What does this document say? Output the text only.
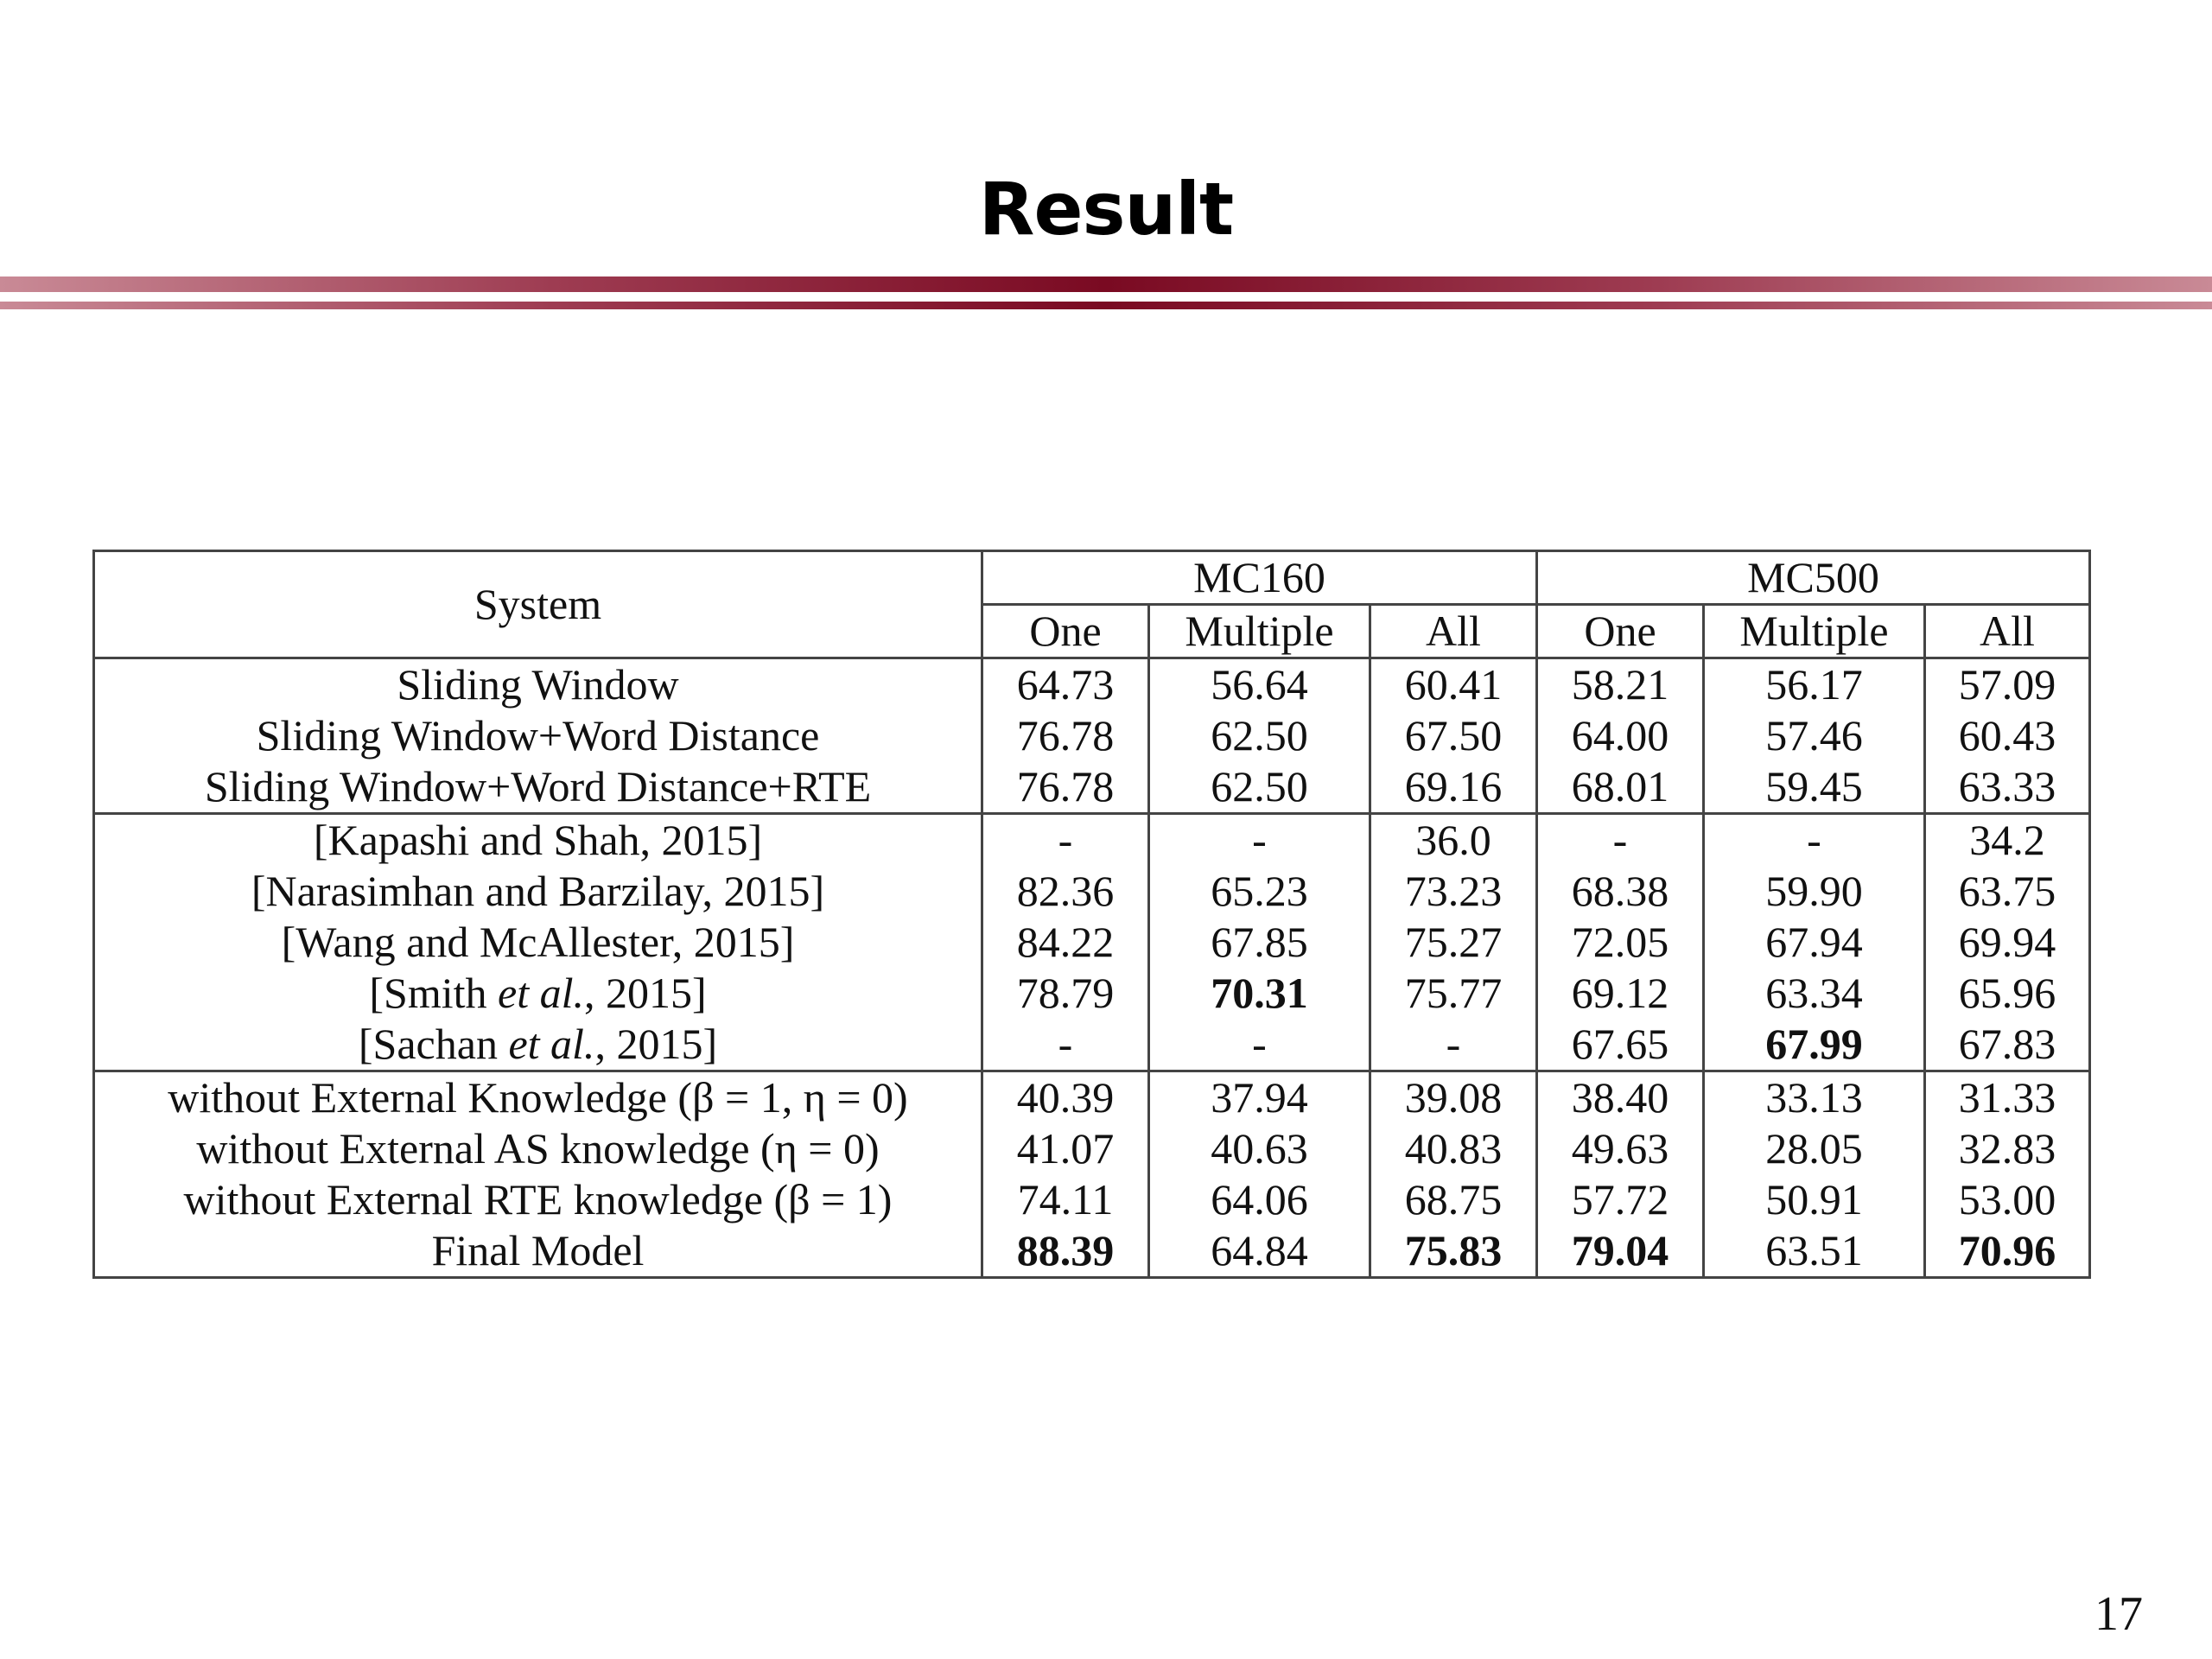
Result
System	MC160			MC500		
	One	Multiple	All	One	Multiple	All
Sliding Window	64.73	56.64	60.41	58.21	56.17	57.09
Sliding Window+Word Distance	76.78	62.50	67.50	64.00	57.46	60.43
Sliding Window+Word Distance+RTE	76.78	62.50	69.16	68.01	59.45	63.33
[Kapashi and Shah, 2015]	-	-	36.0	-	-	34.2
[Narasimhan and Barzilay, 2015]	82.36	65.23	73.23	68.38	59.90	63.75
[Wang and McAllester, 2015]	84.22	67.85	75.27	72.05	67.94	69.94
[Smith et al., 2015]	78.79	70.31	75.77	69.12	63.34	65.96
[Sachan et al., 2015]	-	-	-	67.65	67.99	67.83
without External Knowledge (β = 1, η = 0)	40.39	37.94	39.08	38.40	33.13	31.33
without External AS knowledge (η = 0)	41.07	40.63	40.83	49.63	28.05	32.83
without External RTE knowledge (β = 1)	74.11	64.06	68.75	57.72	50.91	53.00
Final Model	88.39	64.84	75.83	79.04	63.51	70.96
17
